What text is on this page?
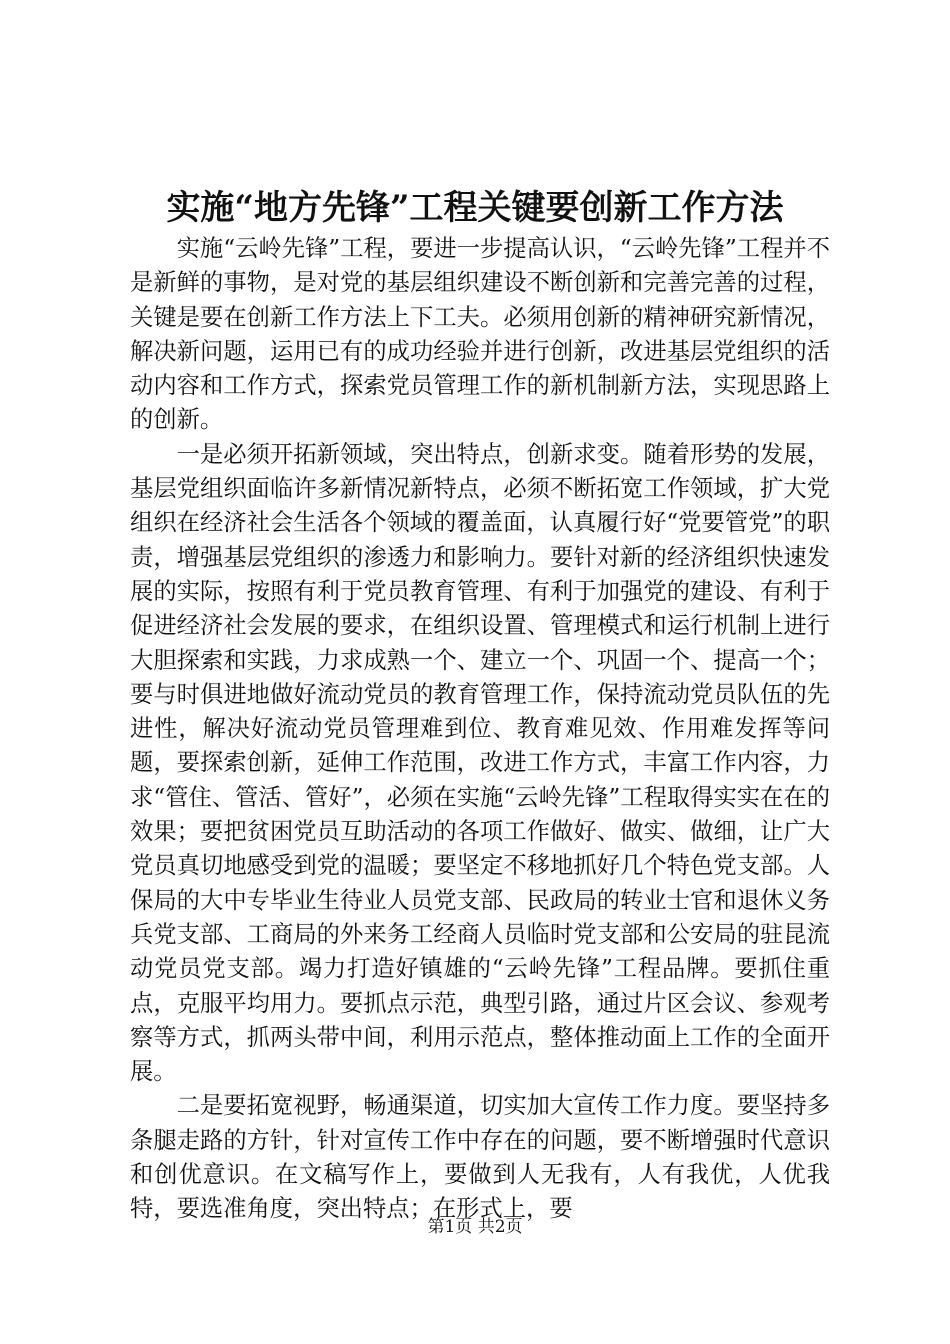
实施“地方先锋”工程关键要创新工作方法

实施“云岭先锋”工程，要进一步提高认识，“云岭先锋”工程并不是新鲜的事物，是对党的基层组织建设不断创新和完善完善的过程，关键是要在创新工作方法上下工夫。必须用创新的精神研究新情况，解决新问题，运用已有的成功经验并进行创新，改进基层党组织的活动内容和工作方式，探索党员管理工作的新机制新方法，实现思路上的创新。

一是必须开拓新领域，突出特点，创新求变。随着形势的发展，基层党组织面临许多新情况新特点，必须不断拓宽工作领域，扩大党组织在经济社会生活各个领域的覆盖面，认真履行好“党要管党”的职责，增强基层党组织的渗透力和影响力。要针对新的经济组织快速发展的实际，按照有利于党员教育管理、有利于加强党的建设、有利于促进经济社会发展的要求，在组织设置、管理模式和运行机制上进行大胆探索和实践，力求成熟一个、建立一个、巩固一个、提高一个；要与时俱进地做好流动党员的教育管理工作，保持流动党员队伍的先进性，解决好流动党员管理难到位、教育难见效、作用难发挥等问题，要探索创新，延伸工作范围，改进工作方式，丰富工作内容，力求“管住、管活、管好”，必须在实施“云岭先锋”工程取得实实在在的效果；要把贫困党员互助活动的各项工作做好、做实、做细，让广大党员真切地感受到党的温暖；要坚定不移地抓好几个特色党支部。人保局的大中专毕业生待业人员党支部、民政局的转业士官和退休义务兵党支部、工商局的外来务工经商人员临时党支部和公安局的驻昆流动党员党支部。竭力打造好镇雄的“云岭先锋”工程品牌。要抓住重点，克服平均用力。要抓点示范，典型引路，通过片区会议、参观考察等方式，抓两头带中间，利用示范点，整体推动面上工作的全面开展。

二是要拓宽视野，畅通渠道，切实加大宣传工作力度。要坚持多条腿走路的方针，针对宣传工作中存在的问题，要不断增强时代意识和创优意识。在文稿写作上，要做到人无我有，人有我优，人优我特，要选准角度，突出特点；在形式上，要

第1页 共2页
